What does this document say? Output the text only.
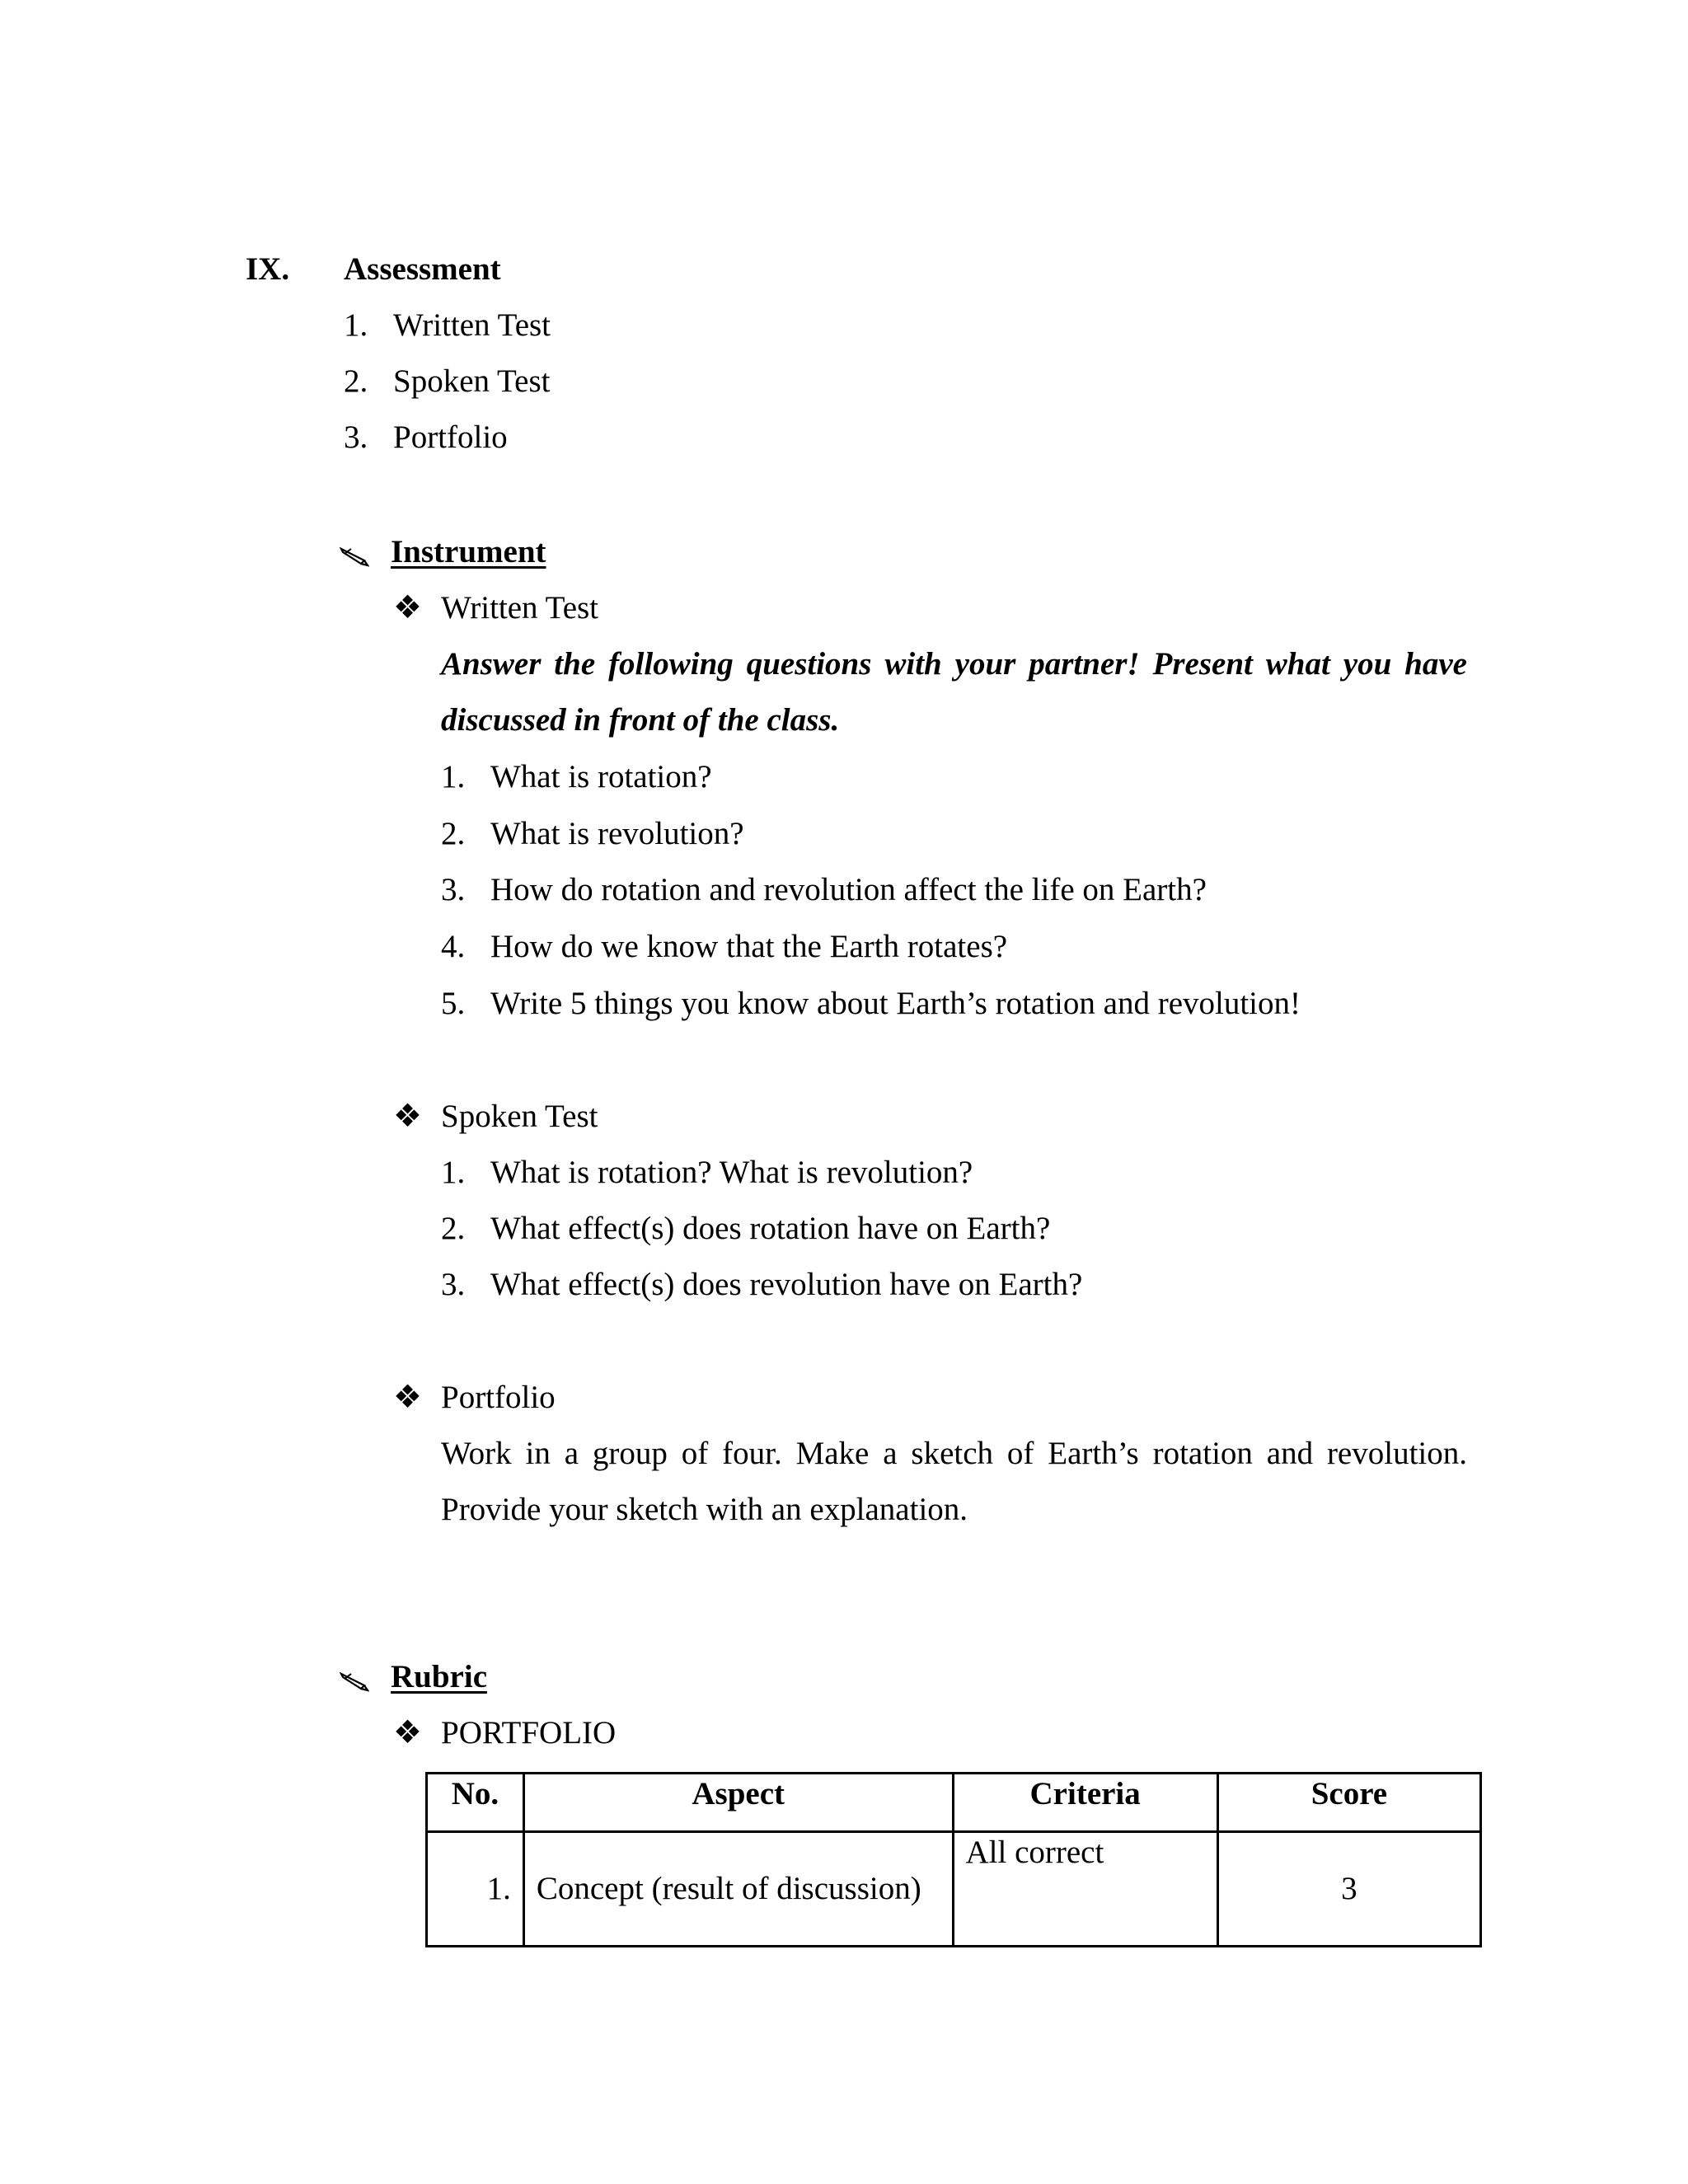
IX. Assessment
1. Written Test
2. Spoken Test
3. Portfolio
Instrument
❖ Written Test
Answer the following questions with your partner! Present what you have
discussed in front of the class.
1. What is rotation?
2. What is revolution?
3. How do rotation and revolution affect the life on Earth?
4. How do we know that the Earth rotates?
5. Write 5 things you know about Earth’s rotation and revolution!
❖ Spoken Test
1. What is rotation? What is revolution?
2. What effect(s) does rotation have on Earth?
3. What effect(s) does revolution have on Earth?
❖ Portfolio
Work in a group of four. Make a sketch of Earth’s rotation and revolution.
Provide your sketch with an explanation.
Rubric
❖ PORTFOLIO
No.	Aspect	Criteria	Score
1.	Concept (result of discussion)	All correct	3
